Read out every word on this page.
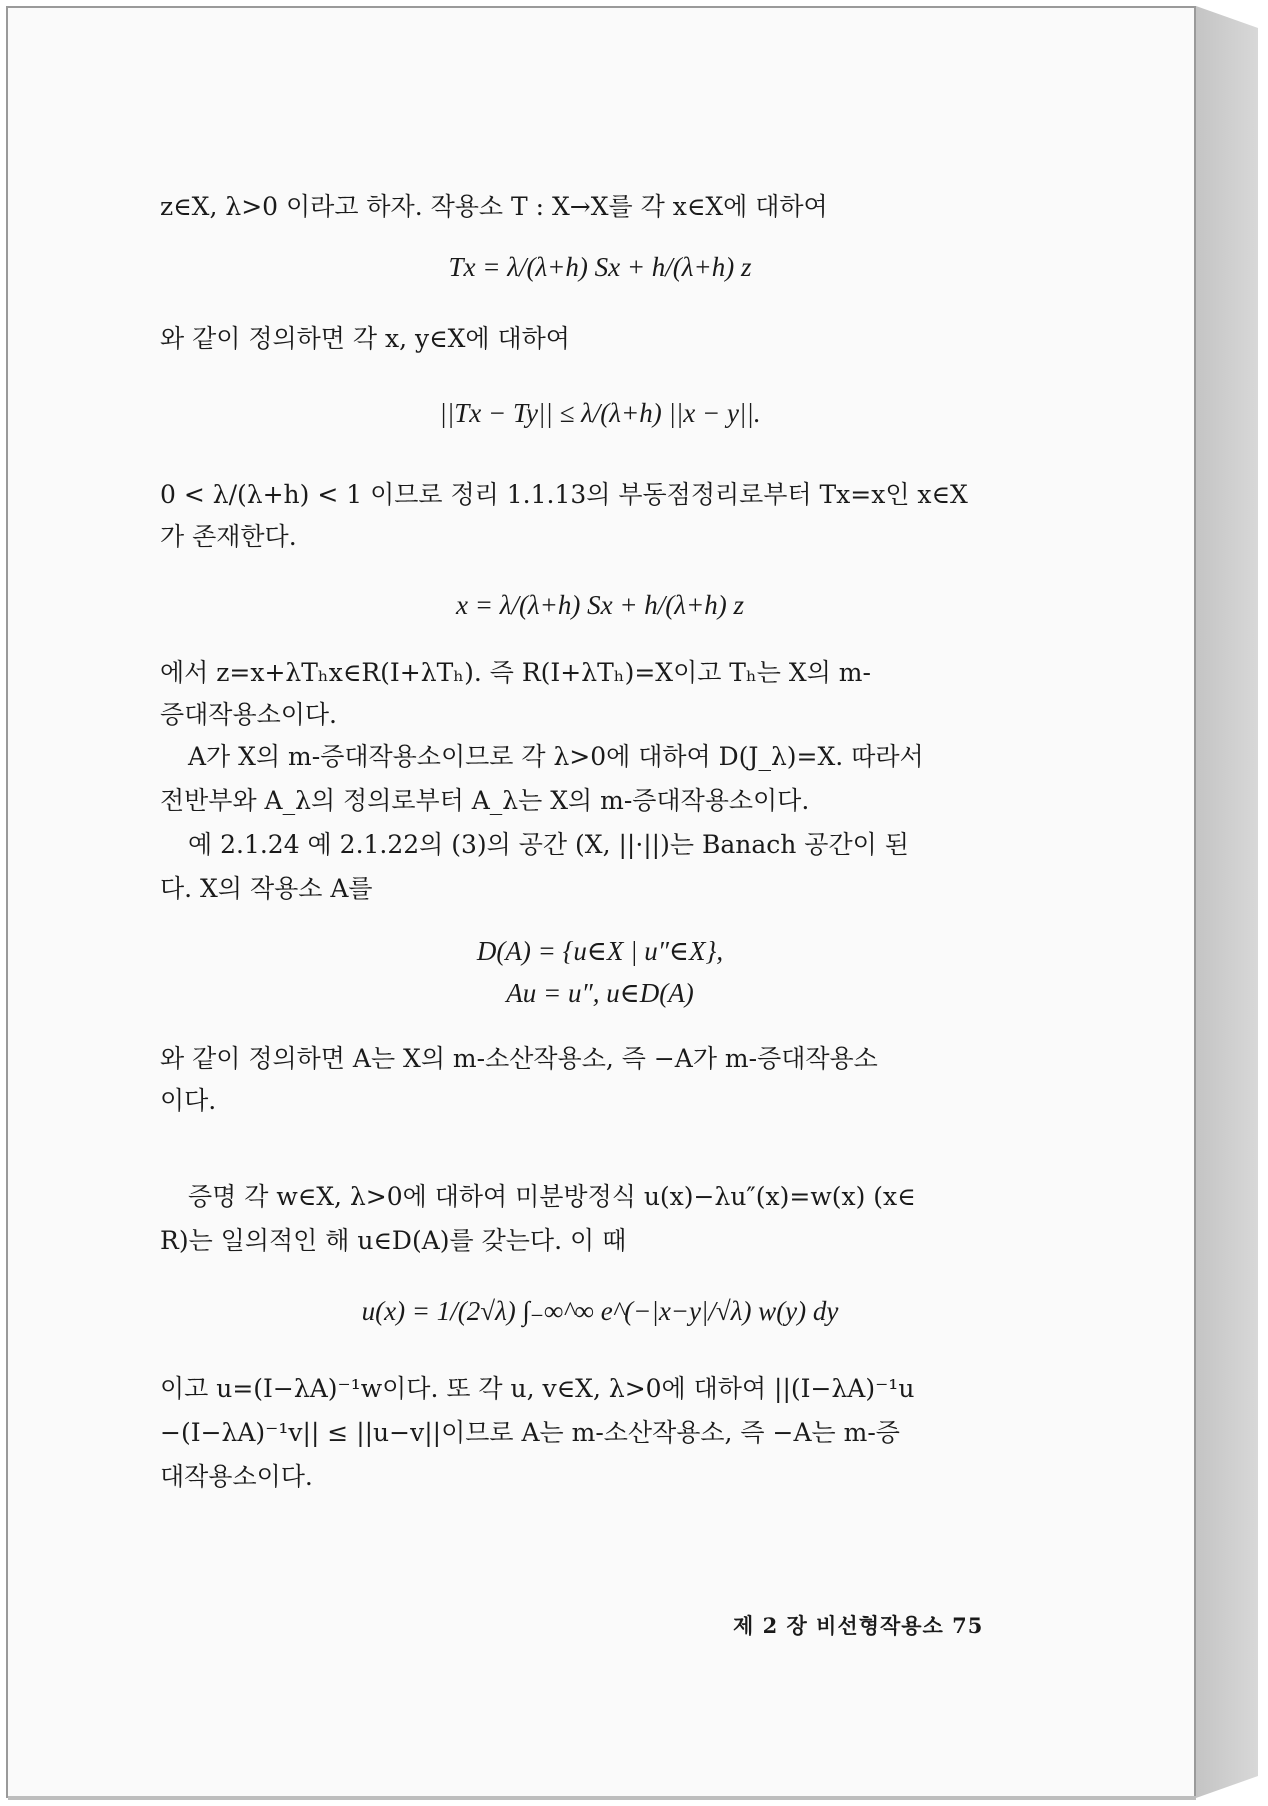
z∈X, λ>0 이라고 하자. 작용소 T : X→X를 각 x∈X에 대하여
Tx = λ/(λ+h) Sx + h/(λ+h) z
와 같이 정의하면 각 x, y∈X에 대하여
||Tx − Ty|| ≤ λ/(λ+h) ||x − y||.
0 < λ/(λ+h) < 1 이므로 정리 1.1.13의 부동점정리로부터 Tx=x인 x∈X
가 존재한다.
x = λ/(λ+h) Sx + h/(λ+h) z
에서 z=x+λTₕx∈R(I+λTₕ). 즉 R(I+λTₕ)=X이고 Tₕ는 X의 m-
증대작용소이다.
A가 X의 m-증대작용소이므로 각 λ>0에 대하여 D(J_λ)=X. 따라서
전반부와 A_λ의 정의로부터 A_λ는 X의 m-증대작용소이다.
예 2.1.24 예 2.1.22의 (3)의 공간 (X, ||·||)는 Banach 공간이 된
다. X의 작용소 A를
D(A) = {u∈X | u″∈X},
Au = u″, u∈D(A)
와 같이 정의하면 A는 X의 m-소산작용소, 즉 −A가 m-증대작용소
이다.
증명 각 w∈X, λ>0에 대하여 미분방정식 u(x)−λu″(x)=w(x) (x∈
R)는 일의적인 해 u∈D(A)를 갖는다. 이 때
u(x) = 1/(2√λ) ∫₋∞^∞ e^(−|x−y|/√λ) w(y) dy
이고 u=(I−λA)⁻¹w이다. 또 각 u, v∈X, λ>0에 대하여 ||(I−λA)⁻¹u
−(I−λA)⁻¹v|| ≤ ||u−v||이므로 A는 m-소산작용소, 즉 −A는 m-증
대작용소이다.
제 2 장 비선형작용소 75
